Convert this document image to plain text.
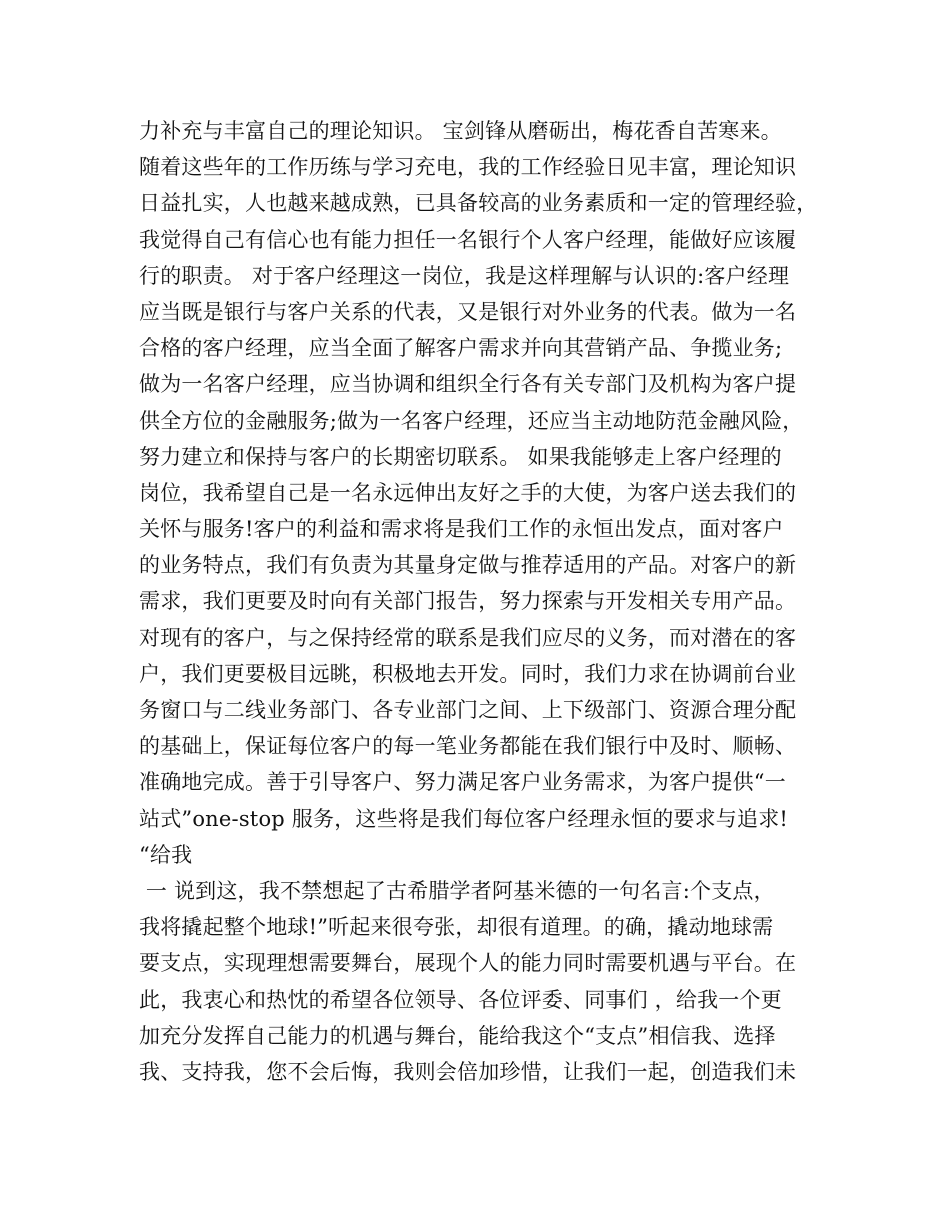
力补充与丰富自己的理论知识。 宝剑锋从磨砺出，梅花香自苦寒来。
随着这些年的工作历练与学习充电，我的工作经验日见丰富，理论知识
日益扎实，人也越来越成熟，已具备较高的业务素质和一定的管理经验，
我觉得自己有信心也有能力担任一名银行个人客户经理，能做好应该履
行的职责。 对于客户经理这一岗位，我是这样理解与认识的:客户经理
应当既是银行与客户关系的代表，又是银行对外业务的代表。做为一名
合格的客户经理，应当全面了解客户需求并向其营销产品、争揽业务;
做为一名客户经理，应当协调和组织全行各有关专部门及机构为客户提
供全方位的金融服务;做为一名客户经理，还应当主动地防范金融风险，
努力建立和保持与客户的长期密切联系。 如果我能够走上客户经理的
岗位，我希望自己是一名永远伸出友好之手的大使，为客户送去我们的
关怀与服务!客户的利益和需求将是我们工作的永恒出发点，面对客户
的业务特点，我们有负责为其量身定做与推荐适用的产品。对客户的新
需求，我们更要及时向有关部门报告，努力探索与开发相关专用产品。
对现有的客户，与之保持经常的联系是我们应尽的义务，而对潜在的客
户，我们更要极目远眺，积极地去开发。同时，我们力求在协调前台业
务窗口与二线业务部门、各专业部门之间、上下级部门、资源合理分配
的基础上，保证每位客户的每一笔业务都能在我们银行中及时、顺畅、
准确地完成。善于引导客户、努力满足客户业务需求，为客户提供“一
站式”one-stop 服务，这些将是我们每位客户经理永恒的要求与追求!
“给我
一 说到这，我不禁想起了古希腊学者阿基米德的一句名言:个支点，
我将撬起整个地球!”听起来很夸张，却很有道理。的确，撬动地球需
要支点，实现理想需要舞台，展现个人的能力同时需要机遇与平台。在
此，我衷心和热忱的希望各位领导、各位评委、同事们 ，给我一个更
加充分发挥自己能力的机遇与舞台，能给我这个“支点”相信我、选择
我、支持我，您不会后悔，我则会倍加珍惜，让我们一起，创造我们未
